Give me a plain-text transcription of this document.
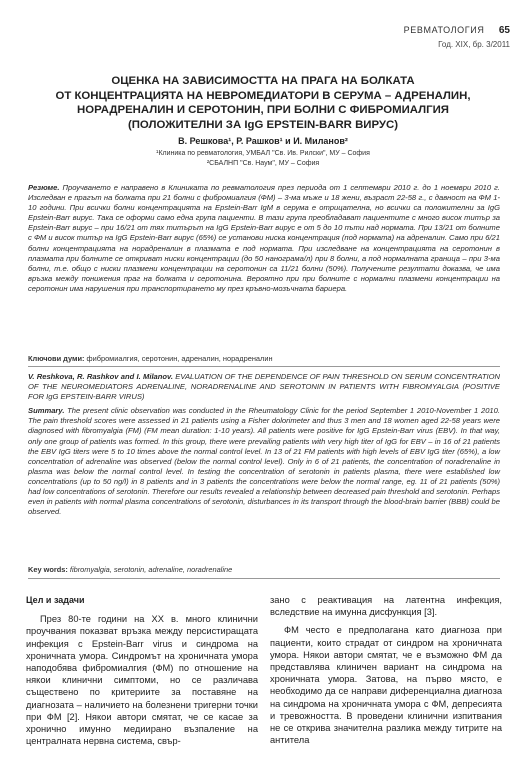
РЕВМАТОЛОГИЯ 65
Год. XIX, бр. 3/2011
ОЦЕНКА НА ЗАВИСИМОСТТА НА ПРАГА НА БОЛКАТА
ОТ КОНЦЕНТРАЦИЯТА НА НЕВРОМЕДИАТОРИ В СЕРУМА – АДРЕНАЛИН,
НОРАДРЕНАЛИН И СЕРОТОНИН, ПРИ БОЛНИ С ФИБРОМИАЛГИЯ
(ПОЛОЖИТЕЛНИ ЗА IgG EPSTEIN-BARR ВИРУС)
В. Решкова¹, Р. Рашков¹ и И. Миланов²
¹Клиника по ревматология, УМБАЛ "Св. Ив. Рилски", МУ – София
²СБАЛНП "Св. Наум", МУ – София
Резюме. Проучването е направено в Клиниката по ревматология през периода от 1 септември 2010 г. до 1 ноември 2010 г. Изследван е прагът на болката при 21 болни с фибромиалгия (ФМ) – 3-ма мъже и 18 жени, възраст 22-58 г., с давност на ФМ 1-10 години. При всички болни концентрацията на Epstein-Barr IgM в серума е отрицателна, но всички са положителни за IgG Epstein-Barr вирус. Така се оформи само една група пациенти. В тази група преобладават пациентите с много висок титър за Epstein-Barr вирус – при 16/21 от тях титърът на IgG Epstein-Barr вирус е от 5 до 10 пъти над нормата. При 13/21 от болните с ФМ и висок титър на IgG Epstein-Barr вирус (65%) се установи ниска концентрация (под нормата) на адреналин. Само при 6/21 болни концентрацията на норадреналин в плазмата е под нормата. При изследване на концентрацията на серотонин в плазмата при болните се откриват ниски концентрации (до 50 нанограма/л) при 8 болни, а под нормалната граница – при 3-ма болни, т.е. общо с ниски плазмени концентрации на серотонин са 11/21 болни (50%). Получените резултати доказва, че има връзка между понижения праг на болката и серотонина. Вероятно при при болните с нормални плазмени концентрации на серотонин има нарушения при транспортирането му през кръвно-мозъчната бариера.
Ключови думи: фибромиалгия, серотонин, адреналин, норадреналин
V. Reshkova, R. Rashkov and I. Milanov. EVALUATION OF THE DEPENDENCE OF PAIN THRESHOLD ON SERUM CONCENTRATION OF THE NEUROMEDIATORS ADRENALINE, NORADRENALINE AND SEROTONIN IN PATIENTS WITH FIBROMYALGIA (POSITIVE FOR IgG EPSTEIN-BARR VIRUS)
Summary. The present clinic observation was conducted in the Rheumatology Clinic for the period September 1 2010-November 1 2010. The pain threshold scores were assessed in 21 patients using a Fisher dolorimeter and thus 3 men and 18 women aged 22-58 years were diagnosed with fibromyalgia (FM) (FM mean duration: 1-10 years). All patients were positive for IgG Epstein-Barr virus (EBV). In that way, only one group of patients was formed. In this group, there were prevailing patients with very high titer of IgG for EBV – in 16 of 21 patients the EBV IgG titers were 5 to 10 times above the normal control level. In 13 of 21 FM patients with high levels of EBV IgG titer (65%), a low concentration of adrenaline was observed (below the normal control level). Only in 6 of 21 patients, the concentration of noradrenaline in plasma was below the normal control level. In testing the concentration of serotonin in patients plasma, there were established low concentrations (up to 50 ng/l) in 8 patients and in 3 patients the concentrations were below the normal range, eg. 11 of 21 patients (50%) had low concentrations of serotonin. Therefore our results revealed a relationship between decreased pain threshold and serotonin. Perhaps even in patients with normal plasma concentrations of serotonin, disturbances in its transport through the blood-brain barrier (BBB) could be observed.
Key words: fibromyalgia, serotonin, adrenaline, noradrenaline
Цел и задачи

През 80-те години на XX в. много клинични проучвания показват връзка между персистиращата инфекция с Epstein-Barr virus и синдрома на хроничната умора. Синдромът на хроничната умора наподобява фибромиалгия (ФМ) по отношение на някои клинични симптоми, но се различава съществено по критериите за поставяне на диагнозата – наличието на болезнени тригерни точки при ФМ [2]. Някои автори смятат, че се касае за хронично имунно медиирано възпаление на централната нервна система, свър-

зано с реактивация на латентна инфекция, вследствие на имунна дисфункция [3].

ФМ често е предполагана като диагноза при пациенти, които страдат от синдром на хроничната умора. Някои автори смятат, че е възможно ФМ да представлява клиничен вариант на синдрома на хроничната умора. Затова, на първо място, е необходимо да се направи диференциална диагноза на синдрома на хроничната умора с ФМ, депресията и тревожността. В проведени клинични изпитвания не се открива значителна разлика между титрите на антитела
